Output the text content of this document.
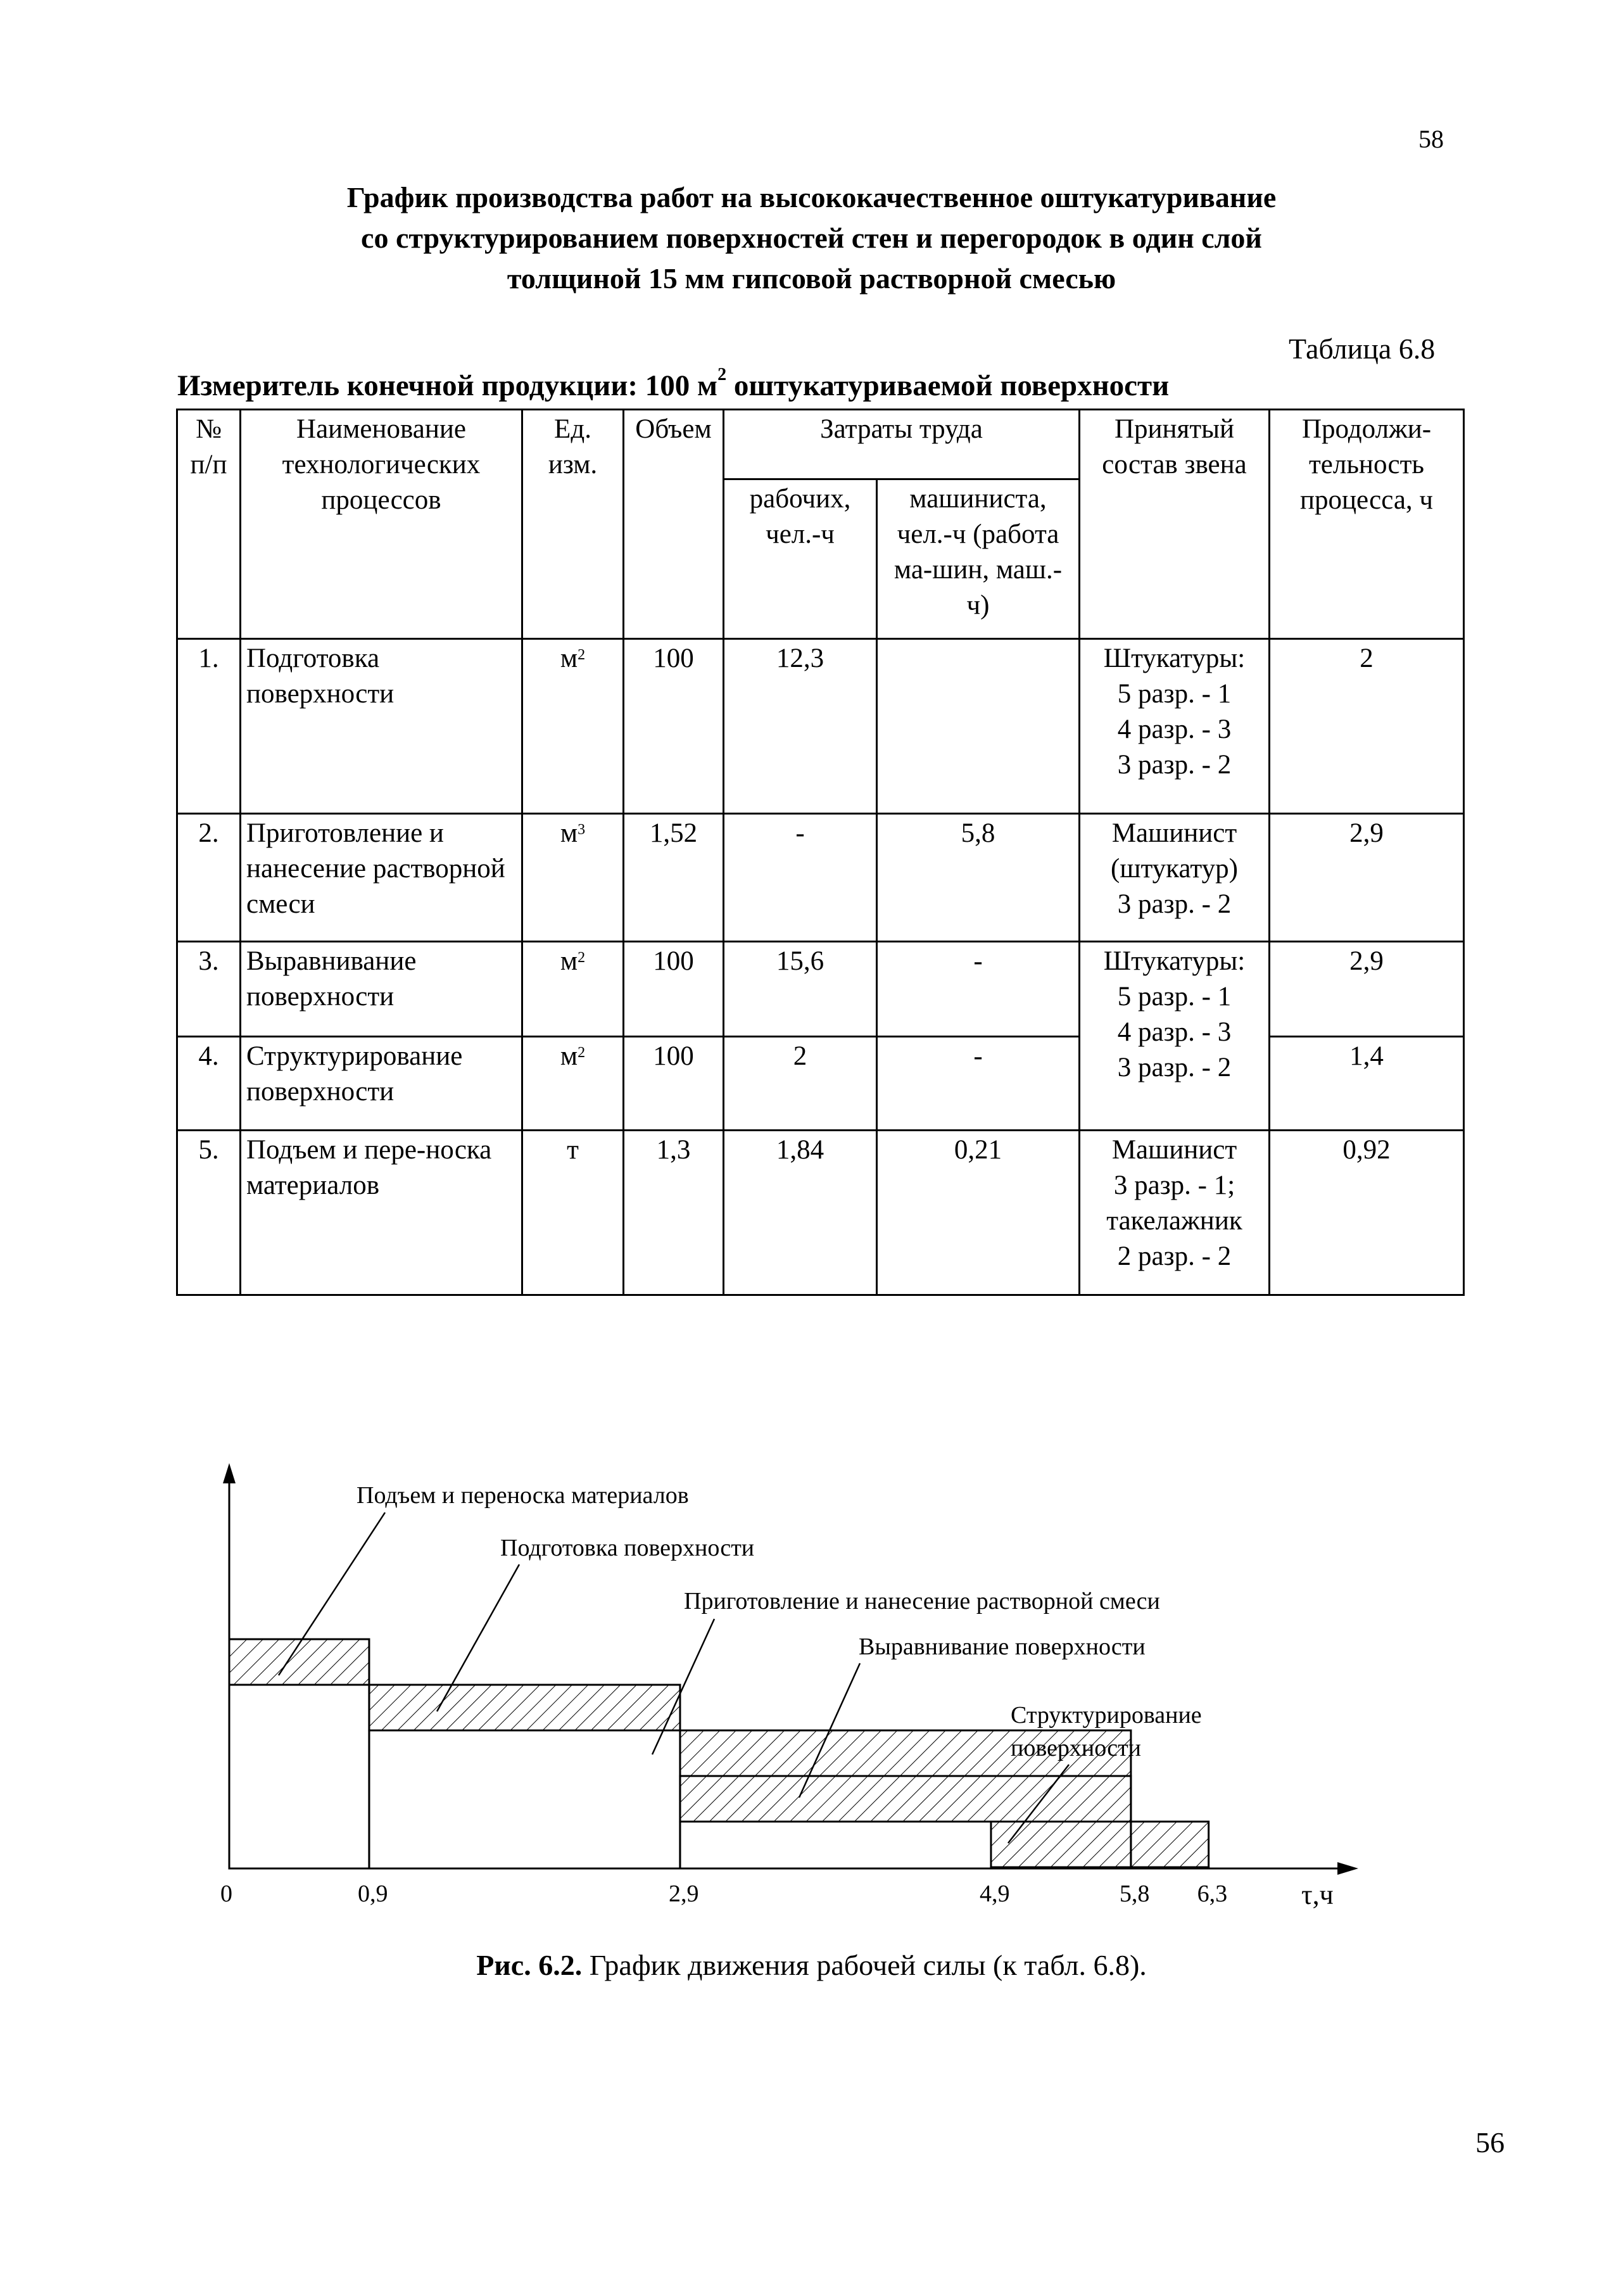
58
График производства работ на высококачественное оштукатуривание
со структурированием поверхностей стен и перегородок в один слой
толщиной 15 мм гипсовой растворной смесью
Таблица 6.8
Измеритель конечной продукции: 100 $м^2$ оштукатуриваемой поверхности
№ п/п	Наименование технологических процессов	Ед. изм.	Объем	Затраты труда		Принятый состав звена	Продолжи-тельность процесса, ч
				рабочих, чел.-ч	машиниста, чел.-ч (работа ма-шин, маш.-ч)		
1.	Подготовка поверхности	$м^2$	100	12,3		Штукатуры:
5 разр. - 1
4 разр. - 3
3 разр. - 2	2
2.	Приготовление и нанесение растворной смеси	$м^3$	1,52	-	5,8	Машинист
(штукатур)
3 разр. - 2	2,9
3.	Выравнивание поверхности	$м^2$	100	15,6	-	Штукатуры:
5 разр. - 1
4 разр. - 3
3 разр. - 2	2,9
4.	Структурирование поверхности	$м^2$	100	2	-		1,4
5.	Подъем и пере-носка материалов	т	1,3	1,84	0,21	Машинист
3 разр. - 1;
такелажник
2 разр. - 2	0,92
0	0,9	2,9	4,9	5,8 6,3	τ,ч
Подъем и переноска материалов
Подготовка поверхности
Приготовление и нанесение растворной смеси
Выравнивание поверхности
Структурирование
поверхности
Рис. 6.2. График движения рабочей силы (к табл. 6.8).
56
